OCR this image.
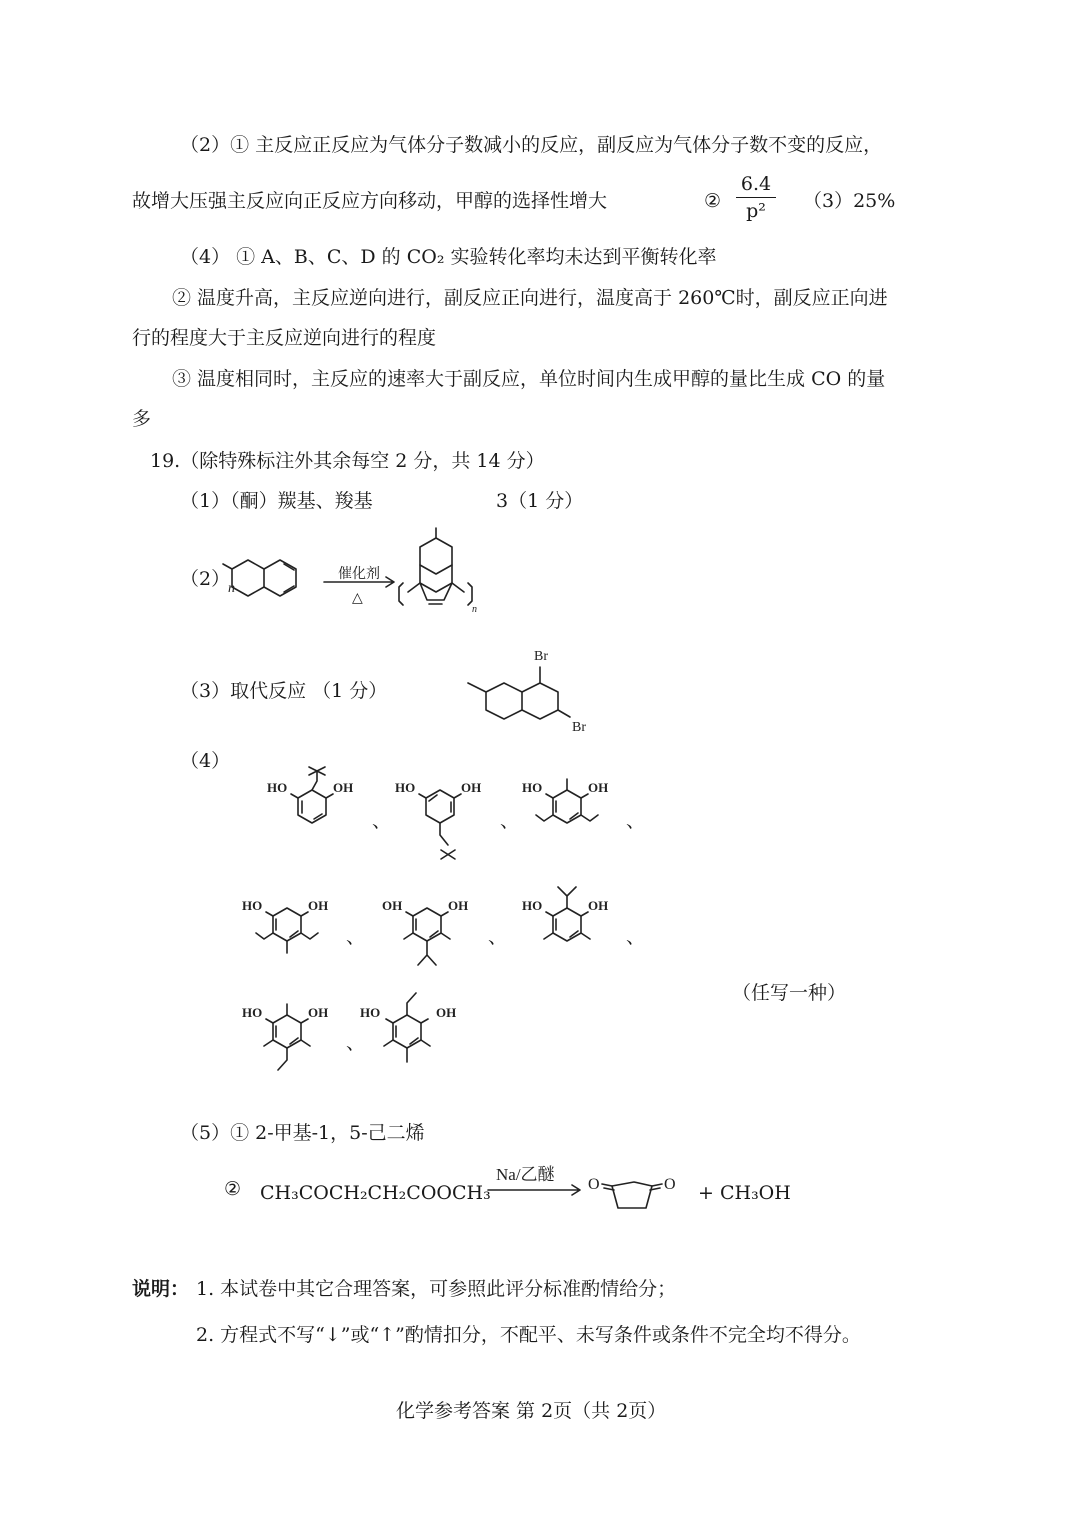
（2）① 主反应正反应为气体分子数减小的反应，副反应为气体分子数不变的反应，
故增大压强主反应向正反应方向移动，甲醇的选择性增大	②
6.4
p²	（3）25%
（4） ① A、B、C、D 的 CO₂ 实验转化率均未达到平衡转化率
② 温度升高，主反应逆向进行，副反应正向进行，温度高于 260℃时，副反应正向进
行的程度大于主反应逆向进行的程度
③ 温度相同时，主反应的速率大于副反应，单位时间内生成甲醇的量比生成 CO 的量
多
19.（除特殊标注外其余每空 2 分，共 14 分）
（1）（酮）羰基、羧基	3（1 分）
（2）
n
催化剂
△
n
（3）取代反应 （1 分）
Br
Br
（4）
HO	OH
、
HO	OH
、
HO	OH
、
HO	OH
、
OH	OH
、
HO	OH
、
HO	OH
、
HO	OH
（任写一种）
（5）① 2-甲基-1，5-己二烯
② CH₃COCH₂CH₂COOCH₃
Na/乙醚
O	O + CH₃OH
说明： 1. 本试卷中其它合理答案，可参照此评分标准酌情给分；
2. 方程式不写“↓”或“↑”酌情扣分，不配平、未写条件或条件不完全均不得分。
化学参考答案 第 2页（共 2页）
